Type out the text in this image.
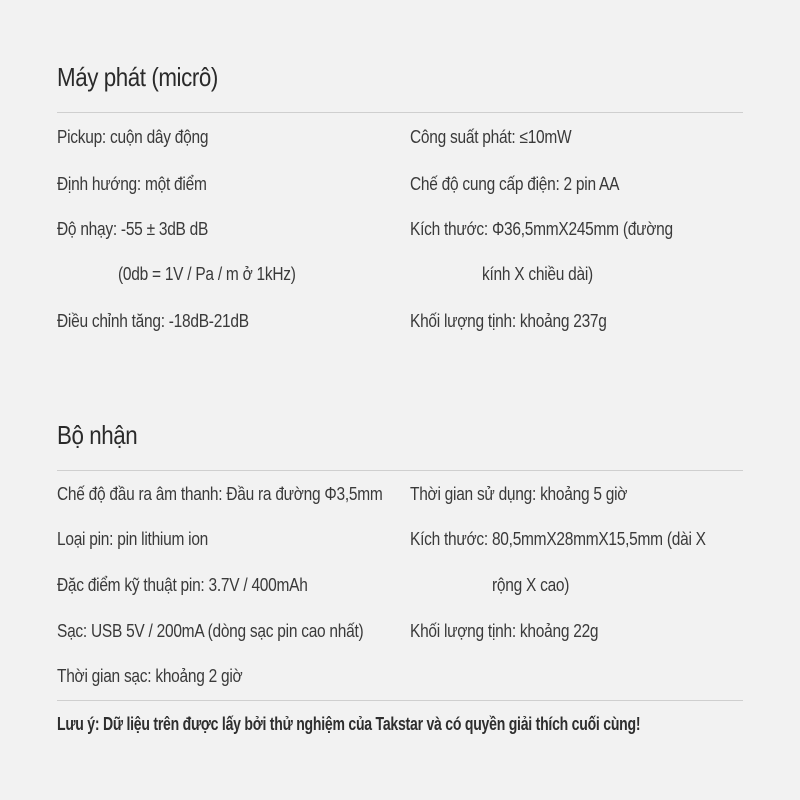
Máy phát (micrô)
Pickup: cuộn dây động
Định hướng: một điểm
Độ nhạy: -55 ± 3dB dB
(0db = 1V / Pa / m ở 1kHz)
Điều chỉnh tăng: -18dB-21dB
Công suất phát: ≤10mW
Chế độ cung cấp điện: 2 pin AA
Kích thước: Φ36,5mmX245mm (đường
kính X chiều dài)
Khối lượng tịnh: khoảng 237g
Bộ nhận
Chế độ đầu ra âm thanh: Đầu ra đường Φ3,5mm
Loại pin: pin lithium ion
Đặc điểm kỹ thuật pin: 3.7V / 400mAh
Sạc: USB 5V / 200mA (dòng sạc pin cao nhất)
Thời gian sạc: khoảng 2 giờ
Thời gian sử dụng: khoảng 5 giờ
Kích thước: 80,5mmX28mmX15,5mm (dài X
rộng X cao)
Khối lượng tịnh: khoảng 22g
Lưu ý: Dữ liệu trên được lấy bởi thử nghiệm của Takstar và có quyền giải thích cuối cùng!
